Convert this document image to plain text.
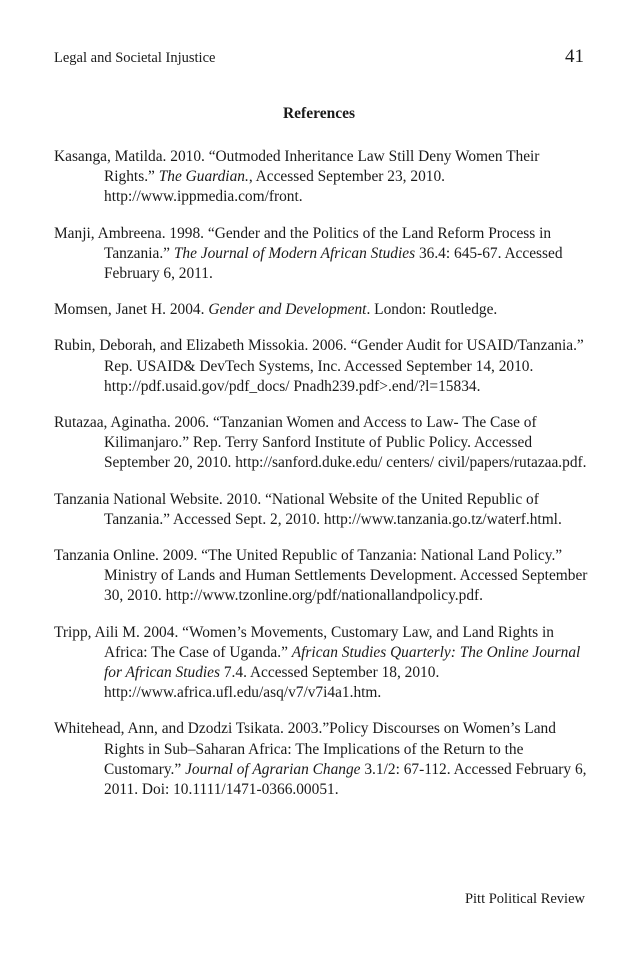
Legal and Societal Injustice	41
References

Kasanga, Matilda. 2010. “Outmoded Inheritance Law Still Deny Women Their Rights.” The Guardian., Accessed September 23, 2010. http://www.ippmedia.com/front.

Manji, Ambreena. 1998. “Gender and the Politics of the Land Reform Process in Tanzania.” The Journal of Modern African Studies 36.4: 645-67. Accessed February 6, 2011.

Momsen, Janet H. 2004. Gender and Development. London: Routledge.

Rubin, Deborah, and Elizabeth Missokia. 2006. “Gender Audit for USAID/Tanzania.” Rep. USAID& DevTech Systems, Inc. Accessed September 14, 2010. http://pdf.usaid.gov/pdf_docs/ Pnadh239.pdf>.end/?l=15834.

Rutazaa, Aginatha. 2006. “Tanzanian Women and Access to Law- The Case of Kilimanjaro.” Rep. Terry Sanford Institute of Public Policy. Accessed September 20, 2010. http://sanford.duke.edu/ centers/ civil/papers/rutazaa.pdf.

Tanzania National Website. 2010. “National Website of the United Republic of Tanzania.” Accessed Sept. 2, 2010. http://www.tanzania.go.tz/waterf.html.

Tanzania Online. 2009. “The United Republic of Tanzania: National Land Policy.” Ministry of Lands and Human Settlements Development. Accessed September 30, 2010. http://www.tzonline.org/pdf/nationallandpolicy.pdf.

Tripp, Aili M. 2004. “Women’s Movements, Customary Law, and Land Rights in Africa: The Case of Uganda.” African Studies Quarterly: The Online Journal for African Studies 7.4. Accessed September 18, 2010. http://www.africa.ufl.edu/asq/v7/v7i4a1.htm.

Whitehead, Ann, and Dzodzi Tsikata. 2003.”Policy Discourses on Women’s Land Rights in Sub–Saharan Africa: The Implications of the Return to the Customary.” Journal of Agrarian Change 3.1/2: 67-112. Accessed February 6, 2011. Doi: 10.1111/1471-0366.00051.

Pitt Political Review
